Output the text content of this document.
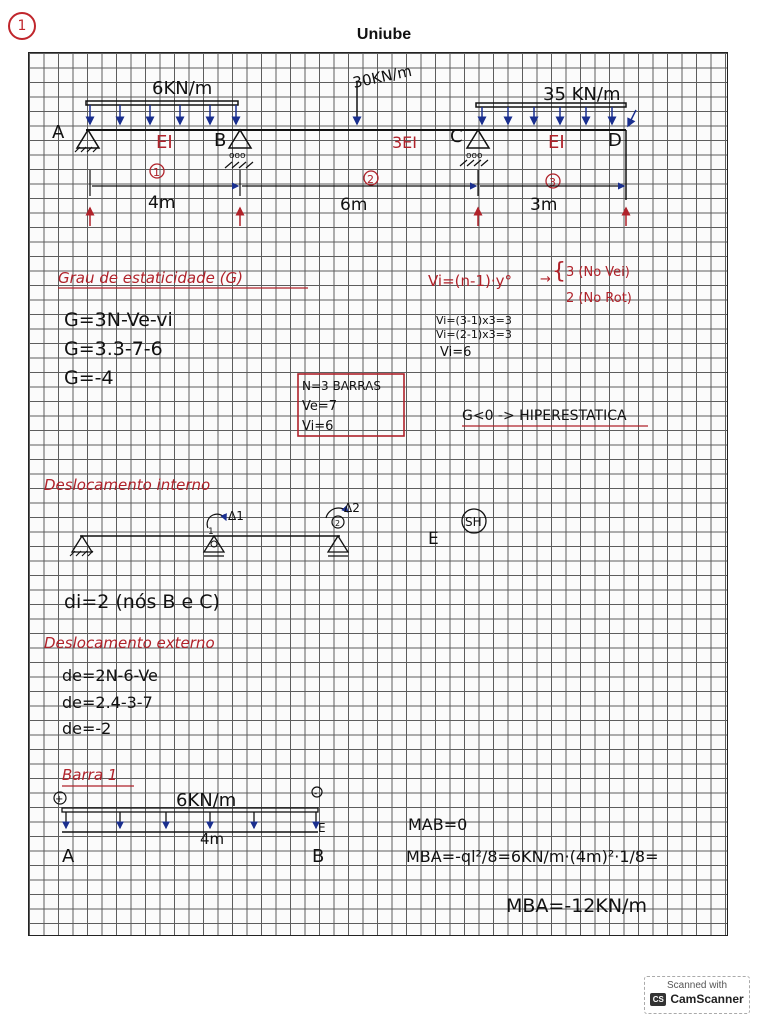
1	Uniube
6KN/m	30KN/m
35 KN/m
A	B	C	D
EI	3EI	EI
ooo	ooo
1
2	3
4m	6m	3m
Grau de estaticidade (G)
G=3N-Ve-vi
G=3.3-7-6
G=-4	N=3 BARRAS
Ve=7
Vi=6
Vi=(n-1)·y° → { 3 (No Vei)
2 (No Rot)
Vi=(3-1)x3=3
Vi=(2-1)x3=3
Vi=6
G<0 -> HIPERESTATICA
Deslocamento interno
1
Δ1
2
Δ2
E
SH
di=2 (nós B e C)
Deslocamento externo
de=2N-6-Ve
de=2.4-3-7
de=-2
Barra 1
+	-
6KN/m
E
4m
A	B
MAB=0
MBA=-ql²/8=6KN/m·(4m)²·1/8=
MBA=-12KN/m
Scanned with
CS CamScanner
